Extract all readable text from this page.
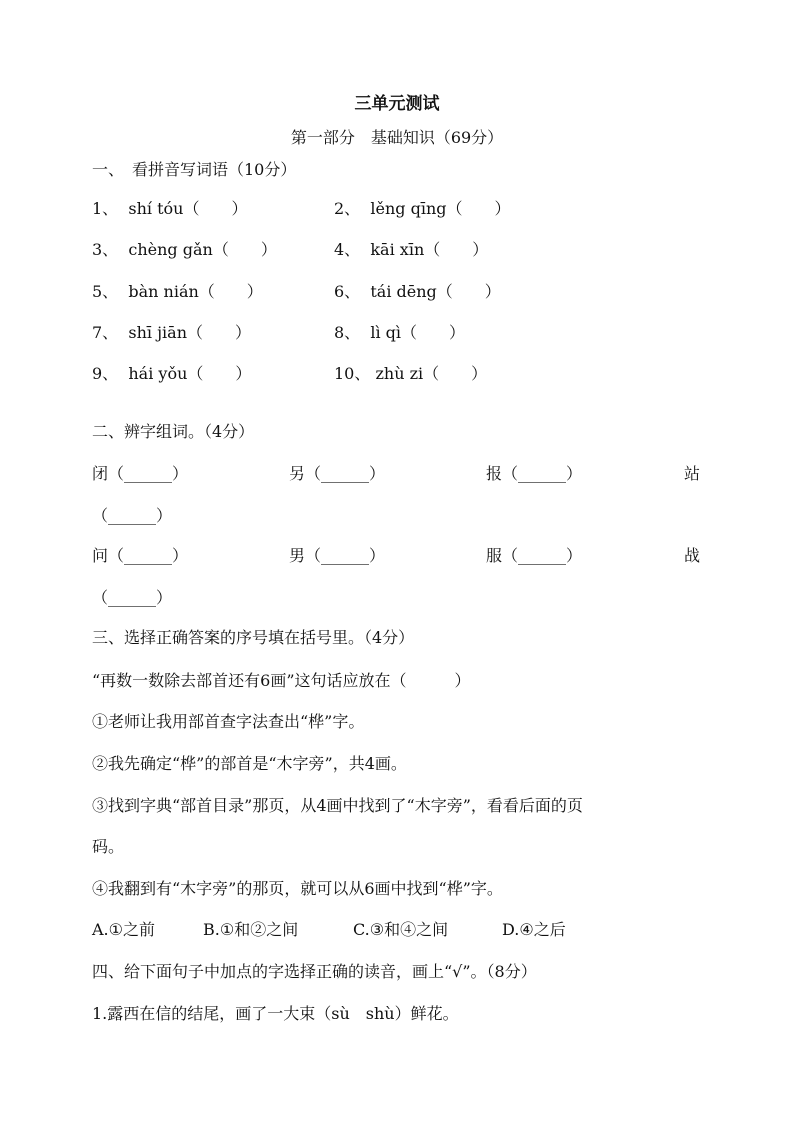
三单元测试
第一部分　基础知识（69分）
一、　看拼音写词语（10分）
1、 shí tóu（　　）	2、 lěng qīng（　　）
3、 chèng gǎn（　　）	4、 kāi xīn（　　）
5、 bàn nián（　　）	6、 tái dēng（　　）
7、 shī jiān（　　）	8、 lì qì（　　）
9、 hái yǒu（　　）	10、 zhù zi（　　）
二、辨字组词。（4分）
闭（______）	另（______）	报（______）	站
（______）
问（______）	男（______）	服（______）	战
（______）
三、选择正确答案的序号填在括号里。（4分）
“再数一数除去部首还有6画”这句话应放在（　　　）
①老师让我用部首查字法查出“桦”字。
②我先确定“桦”的部首是“木字旁”，共4画。
③找到字典“部首目录”那页，从4画中找到了“木字旁”，看看后面的页
码。
④我翻到有“木字旁”的那页，就可以从6画中找到“桦”字。
A.①之前	B.①和②之间	C.③和④之间	D.④之后
四、给下面句子中加点的字选择正确的读音，画上“√”。（8分）
1.露西在信的结尾，画了一大束（sù　shù）鲜花。
